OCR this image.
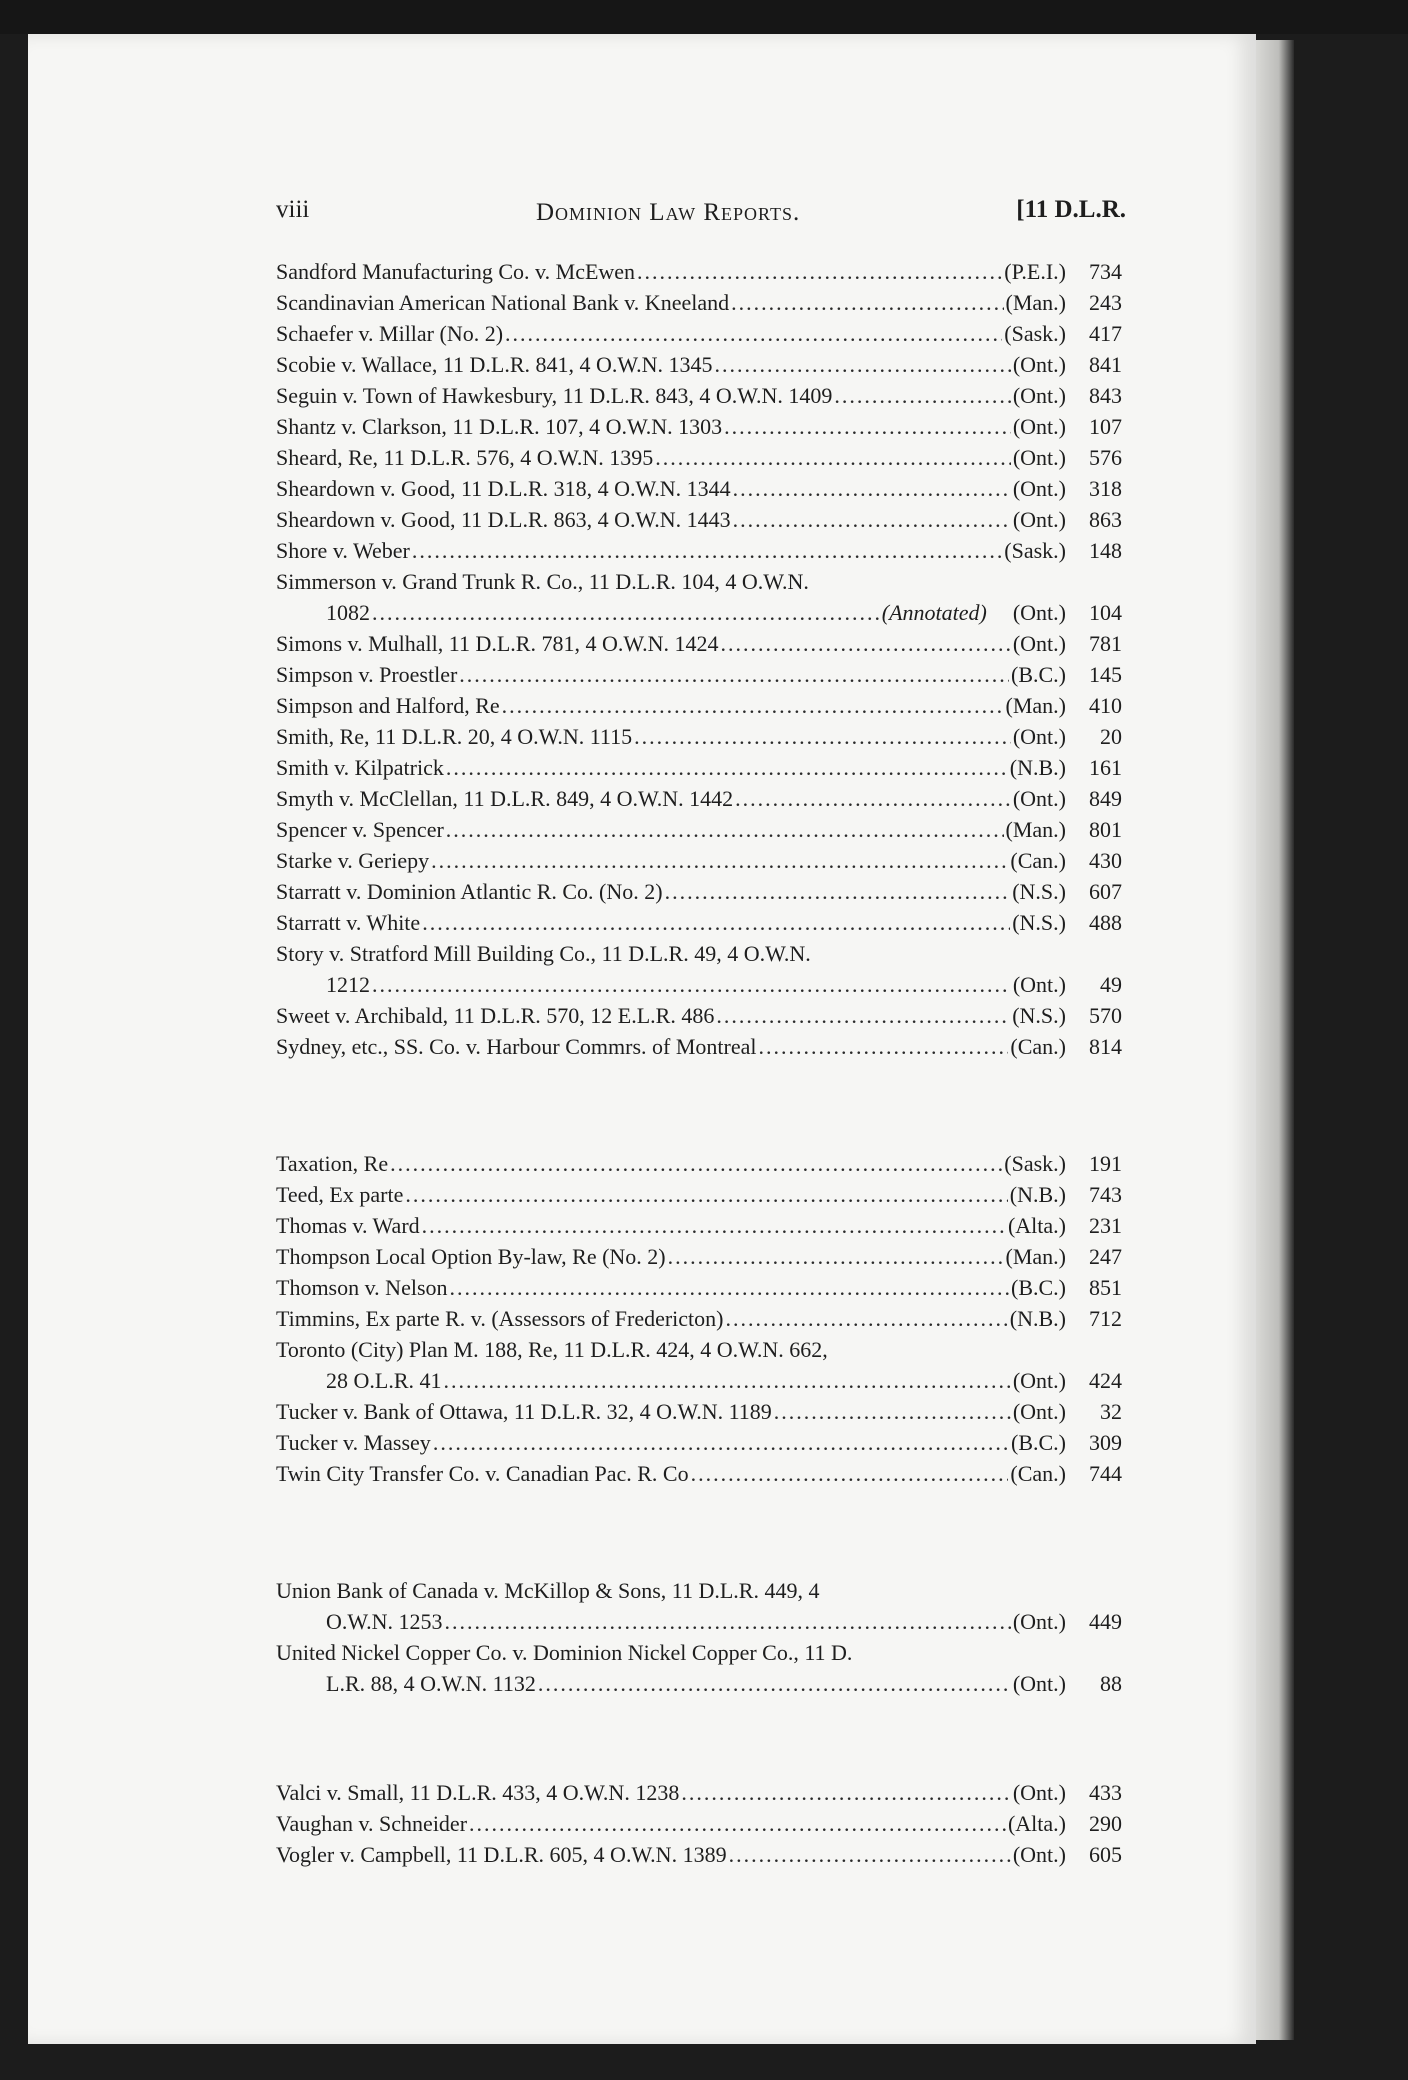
viii	Dominion Law Reports.	[11 D.L.R.
Sandford Manufacturing Co. v. McEwen .....	(P.E.I.)	734
Scandinavian American National Bank v. Kneeland .....	(Man.)	243
Schaefer v. Millar (No. 2) .....	(Sask.)	417
Scobie v. Wallace, 11 D.L.R. 841, 4 O.W.N. 1345 .....	(Ont.)	841
Seguin v. Town of Hawkesbury, 11 D.L.R. 843, 4 O.W.N. 1409 .....	(Ont.)	843
Shantz v. Clarkson, 11 D.L.R. 107, 4 O.W.N. 1303 .....	(Ont.)	107
Sheard, Re, 11 D.L.R. 576, 4 O.W.N. 1395 .....	(Ont.)	576
Sheardown v. Good, 11 D.L.R. 318, 4 O.W.N. 1344 .....	(Ont.)	318
Sheardown v. Good, 11 D.L.R. 863, 4 O.W.N. 1443 .....	(Ont.)	863
Shore v. Weber .....	(Sask.)	148
Simmerson v. Grand Trunk R. Co., 11 D.L.R. 104, 4 O.W.N.
1082 .....	(Annotated) (Ont.)	104
Simons v. Mulhall, 11 D.L.R. 781, 4 O.W.N. 1424 .....	(Ont.)	781
Simpson v. Proestler .....	(B.C.)	145
Simpson and Halford, Re .....	(Man.)	410
Smith, Re, 11 D.L.R. 20, 4 O.W.N. 1115 .....	(Ont.)	20
Smith v. Kilpatrick .....	(N.B.)	161
Smyth v. McClellan, 11 D.L.R. 849, 4 O.W.N. 1442 .....	(Ont.)	849
Spencer v. Spencer .....	(Man.)	801
Starke v. Geriepy .....	(Can.)	430
Starratt v. Dominion Atlantic R. Co. (No. 2) .....	(N.S.)	607
Starratt v. White .....	(N.S.)	488
Story v. Stratford Mill Building Co., 11 D.L.R. 49, 4 O.W.N.
1212 .....	(Ont.)	49
Sweet v. Archibald, 11 D.L.R. 570, 12 E.L.R. 486 .....	(N.S.)	570
Sydney, etc., SS. Co. v. Harbour Commrs. of Montreal .....	(Can.)	814
Taxation, Re .....	(Sask.)	191
Teed, Ex parte .....	(N.B.)	743
Thomas v. Ward .....	(Alta.)	231
Thompson Local Option By-law, Re (No. 2) .....	(Man.)	247
Thomson v. Nelson .....	(B.C.)	851
Timmins, Ex parte R. v. (Assessors of Fredericton) .....	(N.B.)	712
Toronto (City) Plan M. 188, Re, 11 D.L.R. 424, 4 O.W.N. 662,
28 O.L.R. 41 .....	(Ont.)	424
Tucker v. Bank of Ottawa, 11 D.L.R. 32, 4 O.W.N. 1189 .....	(Ont.)	32
Tucker v. Massey .....	(B.C.)	309
Twin City Transfer Co. v. Canadian Pac. R. Co .....	(Can.)	744
Union Bank of Canada v. McKillop & Sons, 11 D.L.R. 449, 4
O.W.N. 1253 .....	(Ont.)	449
United Nickel Copper Co. v. Dominion Nickel Copper Co., 11 D.
L.R. 88, 4 O.W.N. 1132 .....	(Ont.)	88
Valci v. Small, 11 D.L.R. 433, 4 O.W.N. 1238 .....	(Ont.)	433
Vaughan v. Schneider .....	(Alta.)	290
Vogler v. Campbell, 11 D.L.R. 605, 4 O.W.N. 1389 .....	(Ont.)	605
